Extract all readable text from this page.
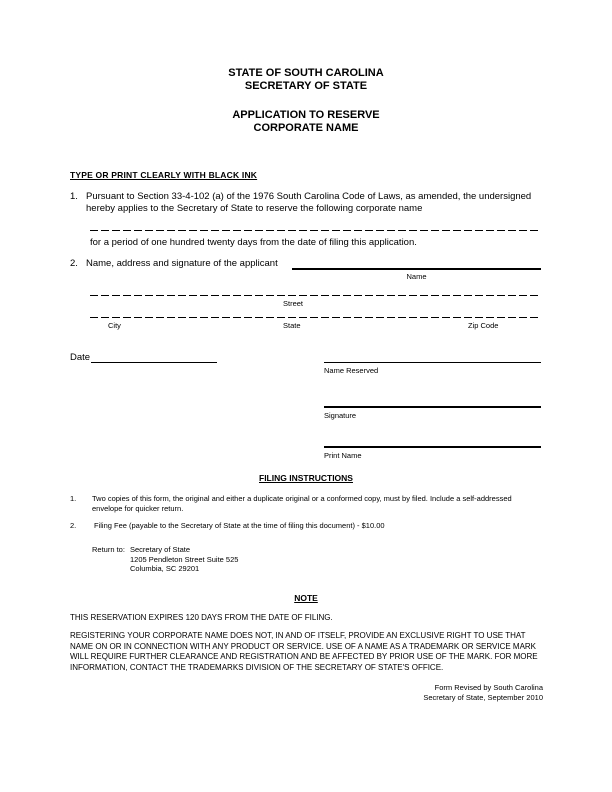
STATE OF SOUTH CAROLINA
SECRETARY OF STATE
APPLICATION TO RESERVE
CORPORATE NAME
TYPE OR PRINT CLEARLY WITH BLACK INK
1. Pursuant to Section 33-4-102 (a) of the 1976 South Carolina Code of Laws, as amended, the undersigned hereby applies to the Secretary of State to reserve the following corporate name
for a period of one hundred twenty days from the date of filing this application.
2. Name, address and signature of the applicant
Name
Street
City	State	Zip Code
Date
Name Reserved
Signature
Print Name
FILING INSTRUCTIONS
1. Two copies of this form, the original and either a duplicate original or a conformed copy, must by filed. Include a self-addressed envelope for quicker return.
2. Filing Fee (payable to the Secretary of State at the time of filing this document) - $10.00
Return to: Secretary of State
1205 Pendleton Street Suite 525
Columbia, SC 29201
NOTE
THIS RESERVATION EXPIRES 120 DAYS FROM THE DATE OF FILING.
REGISTERING YOUR CORPORATE NAME DOES NOT, IN AND OF ITSELF, PROVIDE AN EXCLUSIVE RIGHT TO USE THAT NAME ON OR IN CONNECTION WITH ANY PRODUCT OR SERVICE. USE OF A NAME AS A TRADEMARK OR SERVICE MARK WILL REQUIRE FURTHER CLEARANCE AND REGISTRATION AND BE AFFECTED BY PRIOR USE OF THE MARK. FOR MORE INFORMATION, CONTACT THE TRADEMARKS DIVISION OF THE SECRETARY OF STATE'S OFFICE.
Form Revised by South Carolina
Secretary of State, September 2010
